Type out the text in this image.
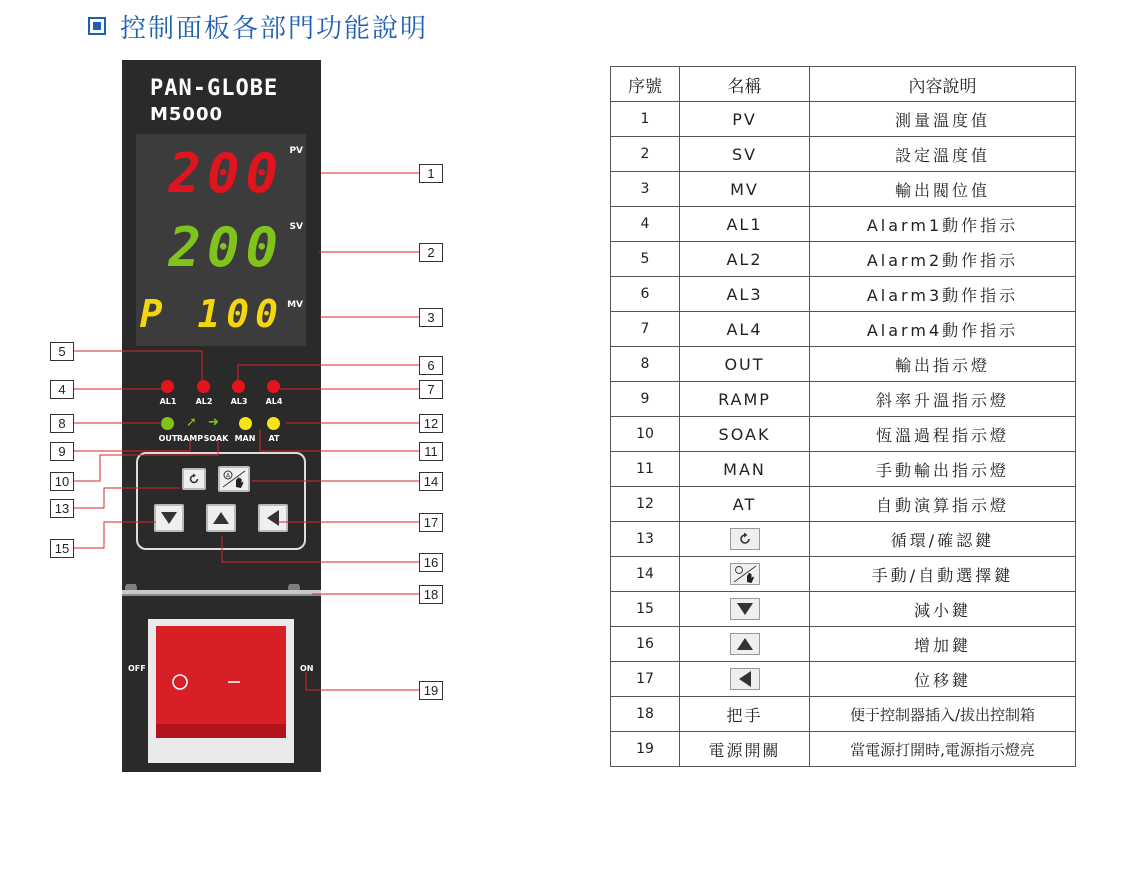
控制面板各部門功能說明
PAN-GLOBE
M5000
200 PV
200 SV
P 100 MV
AL1	AL2	AL3	AL4
➚ ➜
OUT RAMP SOAK MAN	AT
A
OFF	ON
1
2
3
4
5
6
7
8
9
10
11
12
13
14
15
16
17
18
19
序號	名稱	內容說明
1	PV	測量溫度值
2	SV	設定溫度值
3	MV	輸出閥位值
4	AL1	Alarm1動作指示
5	AL2	Alarm2動作指示
6	AL3	Alarm3動作指示
7	AL4	Alarm4動作指示
8	OUT	輸出指示燈
9	RAMP	斜率升溫指示燈
10	SOAK	恆溫過程指示燈
11	MAN	手動輸出指示燈
12	AT	自動演算指示燈
13		循環/確認鍵
14		手動/自動選擇鍵
15		減小鍵
16		增加鍵
17		位移鍵
18	把手	便于控制器插入/拔出控制箱
19	電源開關	當電源打開時,電源指示燈亮
